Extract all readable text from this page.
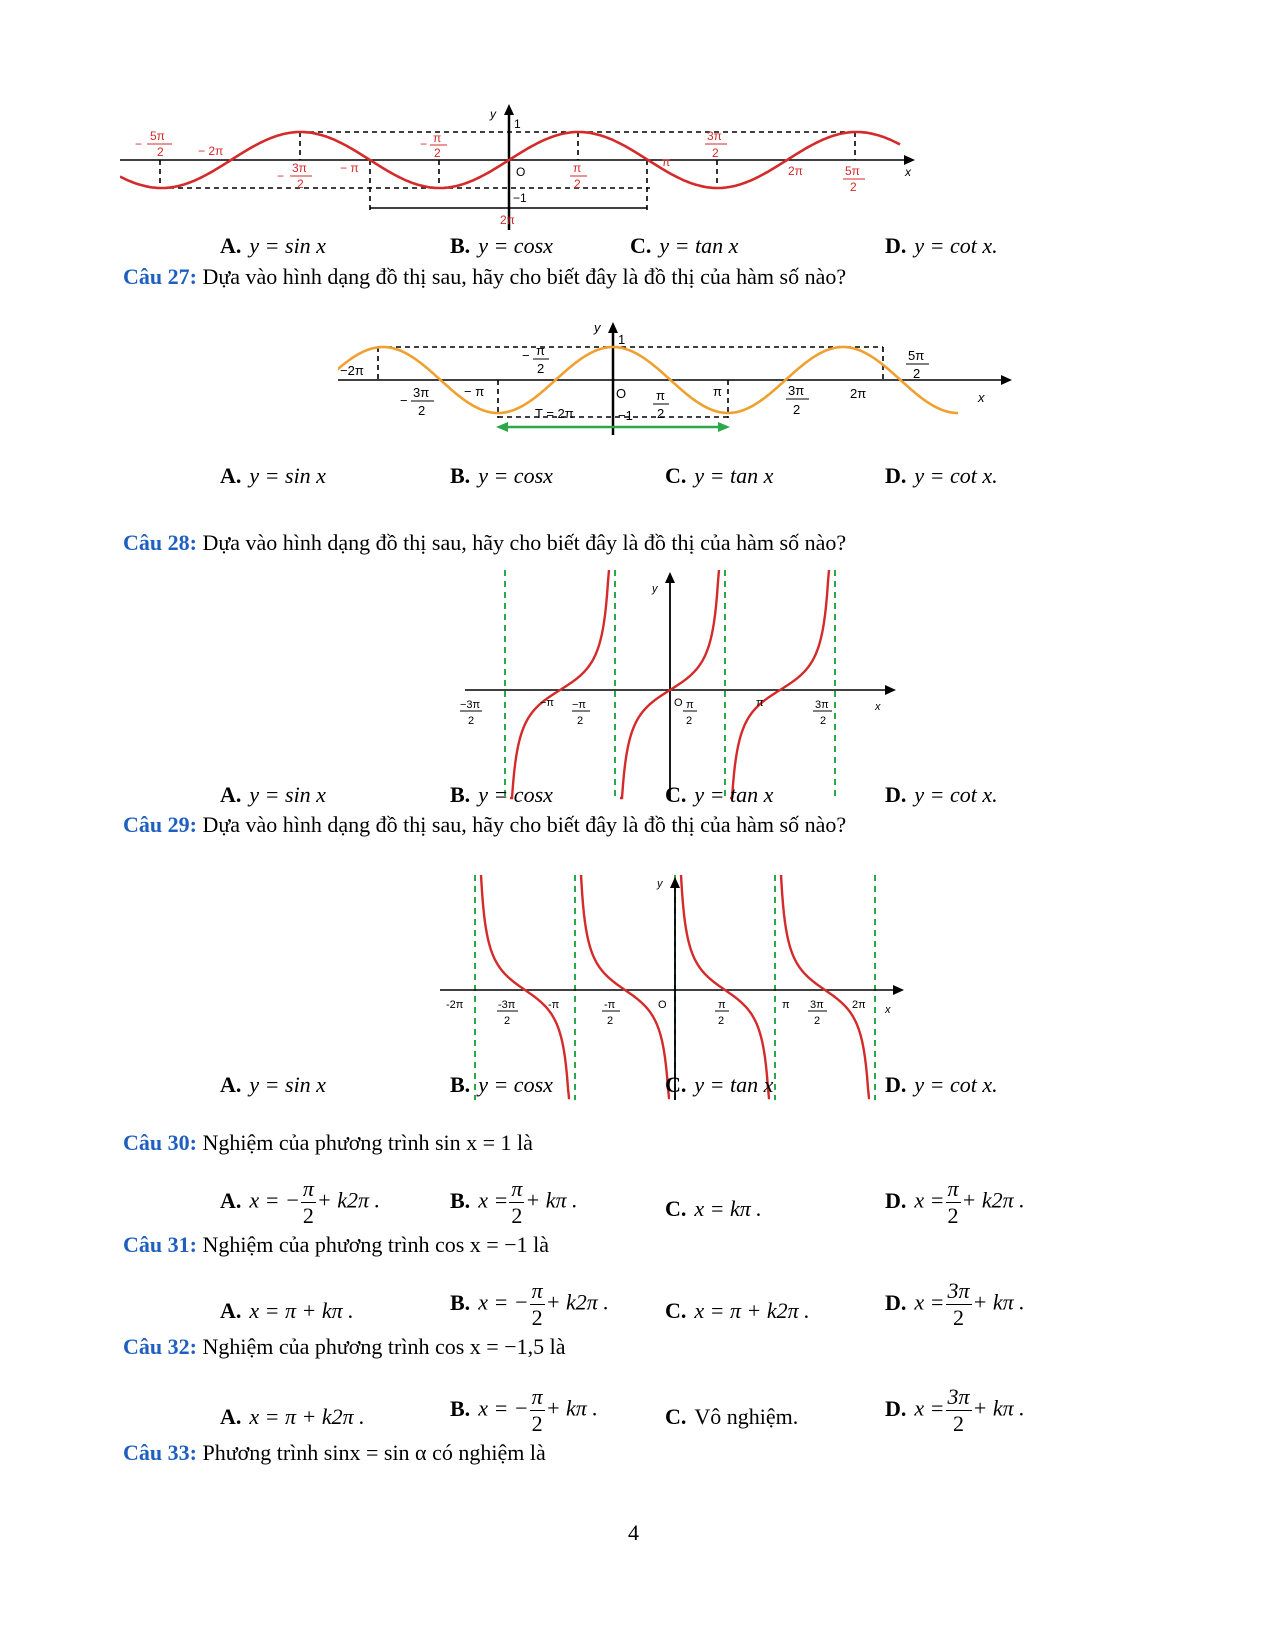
y
x
1
−1
O
5π
2
−	− 2π
3π
2
−
− π
− π
2
π
2
π
3π
2
2π	5π
2
2π
A. y = sin x	B. y = cosx	C. y = tan x	D. y = cot x.
Câu 27: Dựa vào hình dạng đồ thị sau, hãy cho biết đây là đồ thị của hàm số nào?
y
x
1
−1
O
−2π
3π
2
−
− π
− π
2
T = 2π
π
2
π	3π
2
2π
5π
2
A. y = sin x	B. y = cosx	C. y = tan x	D. y = cot x.
Câu 28: Dựa vào hình dạng đồ thị sau, hãy cho biết đây là đồ thị của hàm số nào?
y
x
O
−3π
2
−π −π
2
π
2
π	3π
2
A. y = sin x	B. y = cosx	C. y = tan x	D. y = cot x.
Câu 29: Dựa vào hình dạng đồ thị sau, hãy cho biết đây là đồ thị của hàm số nào?
y
x
O
-2π	-3π
2
-π	-π
2
π
2
π 3π
2
2π
A. y = sin x	B. y = cosx	C. y = tan x	D. y = cot x.
Câu 30: Nghiệm của phương trình sin x = 1 là
A. x = − $\frac{\pi}{2} + k2\pi$ .	B. $x = \frac{\pi}{2} + k\pi$ .	C. x = kπ .	D. $x = \frac{\pi}{2} + k2\pi$ .
Câu 31: Nghiệm của phương trình cos x = −1 là
A. x = π + kπ .	B. x = − $\frac{\pi}{2} + k2\pi$ .	C. x = π + k2π .	D. $x = \frac{3\pi}{2} + k\pi$ .
Câu 32: Nghiệm của phương trình cos x = −1,5 là
A. x = π + k2π .	B. x = − $\frac{\pi}{2} + k\pi$ .	C. Vô nghiệm.	D. $x = \frac{3\pi}{2} + k\pi$ .
Câu 33: Phương trình sinx = sin α có nghiệm là
4
